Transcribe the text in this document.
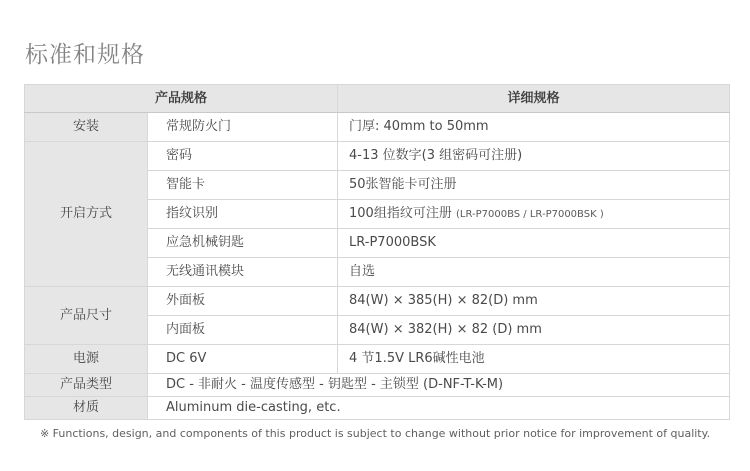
标准和规格
产品规格		详细规格
安装	常规防火门	门厚: 40mm to 50mm
开启方式	密码	4-13 位数字(3 组密码可注册)
	智能卡	50张智能卡可注册
	指纹识别	100组指纹可注册 (LR-P7000BS / LR-P7000BSK )
	应急机械钥匙	LR-P7000BSK
	无线通讯模块	自选
产品尺寸	外面板	84(W) × 385(H) × 82(D) mm
	内面板	84(W) × 382(H) × 82 (D) mm
电源	DC 6V	4 节1.5V LR6碱性电池
产品类型	DC - 非耐火 - 温度传感型 - 钥匙型 - 主锁型 (D-NF-T-K-M)	
材质	Aluminum die-casting, etc.	
※ Functions, design, and components of this product is subject to change without prior notice for improvement of quality.
